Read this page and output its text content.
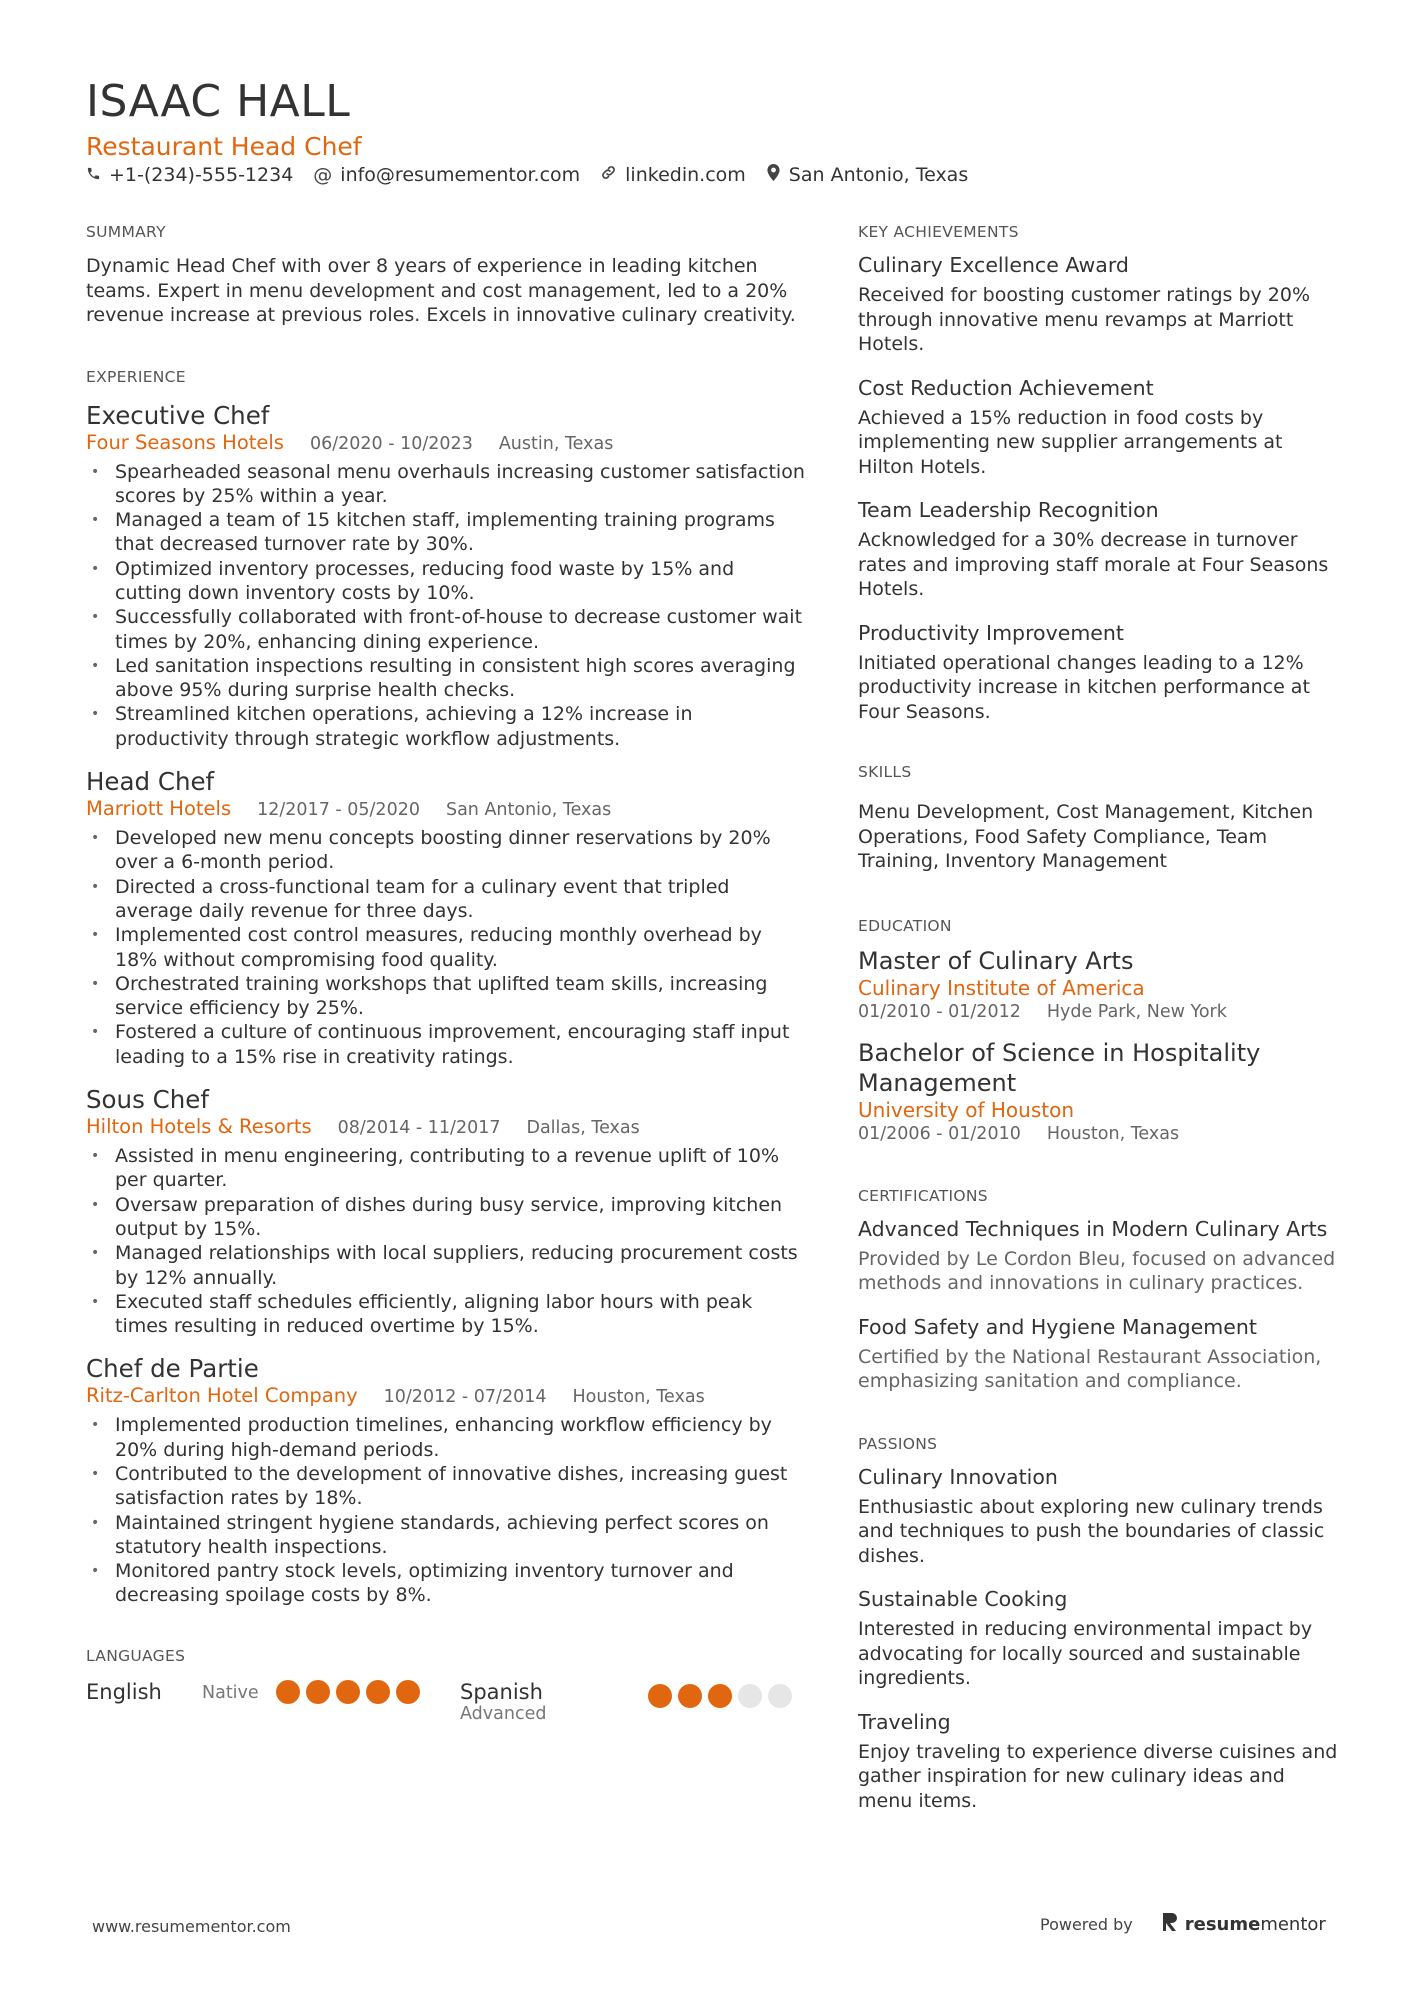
ISAAC HALL
Restaurant Head Chef
+1-(234)-555-1234 @ info@resumementor.com linkedin.com San Antonio, Texas
SUMMARY
Dynamic Head Chef with over 8 years of experience in leading kitchen teams. Expert in menu development and cost management, led to a 20% revenue increase at previous roles. Excels in innovative culinary creativity.
EXPERIENCE
Executive Chef
Four Seasons Hotels 06/2020 - 10/2023 Austin, Texas
• Spearheaded seasonal menu overhauls increasing customer satisfaction scores by 25% within a year.
• Managed a team of 15 kitchen staff, implementing training programs that decreased turnover rate by 30%.
• Optimized inventory processes, reducing food waste by 15% and cutting down inventory costs by 10%.
• Successfully collaborated with front-of-house to decrease customer wait times by 20%, enhancing dining experience.
• Led sanitation inspections resulting in consistent high scores averaging above 95% during surprise health checks.
• Streamlined kitchen operations, achieving a 12% increase in productivity through strategic workflow adjustments.
Head Chef
Marriott Hotels 12/2017 - 05/2020 San Antonio, Texas
• Developed new menu concepts boosting dinner reservations by 20% over a 6-month period.
• Directed a cross-functional team for a culinary event that tripled average daily revenue for three days.
• Implemented cost control measures, reducing monthly overhead by 18% without compromising food quality.
• Orchestrated training workshops that uplifted team skills, increasing service efficiency by 25%.
• Fostered a culture of continuous improvement, encouraging staff input leading to a 15% rise in creativity ratings.
Sous Chef
Hilton Hotels & Resorts 08/2014 - 11/2017 Dallas, Texas
• Assisted in menu engineering, contributing to a revenue uplift of 10% per quarter.
• Oversaw preparation of dishes during busy service, improving kitchen output by 15%.
• Managed relationships with local suppliers, reducing procurement costs by 12% annually.
• Executed staff schedules efficiently, aligning labor hours with peak times resulting in reduced overtime by 15%.
Chef de Partie
Ritz-Carlton Hotel Company 10/2012 - 07/2014 Houston, Texas
• Implemented production timelines, enhancing workflow efficiency by 20% during high-demand periods.
• Contributed to the development of innovative dishes, increasing guest satisfaction rates by 18%.
• Maintained stringent hygiene standards, achieving perfect scores on statutory health inspections.
• Monitored pantry stock levels, optimizing inventory turnover and decreasing spoilage costs by 8%.
LANGUAGES
English	Native	Spanish
Advanced
KEY ACHIEVEMENTS
Culinary Excellence Award
Received for boosting customer ratings by 20% through innovative menu revamps at Marriott Hotels.
Cost Reduction Achievement
Achieved a 15% reduction in food costs by implementing new supplier arrangements at Hilton Hotels.
Team Leadership Recognition
Acknowledged for a 30% decrease in turnover rates and improving staff morale at Four Seasons Hotels.
Productivity Improvement
Initiated operational changes leading to a 12% productivity increase in kitchen performance at Four Seasons.
SKILLS
Menu Development, Cost Management, Kitchen Operations, Food Safety Compliance, Team Training, Inventory Management
EDUCATION
Master of Culinary Arts
Culinary Institute of America
01/2010 - 01/2012 Hyde Park, New York
Bachelor of Science in Hospitality Management
University of Houston
01/2006 - 01/2010 Houston, Texas
CERTIFICATIONS
Advanced Techniques in Modern Culinary Arts
Provided by Le Cordon Bleu, focused on advanced methods and innovations in culinary practices.
Food Safety and Hygiene Management
Certified by the National Restaurant Association, emphasizing sanitation and compliance.
PASSIONS
Culinary Innovation
Enthusiastic about exploring new culinary trends and techniques to push the boundaries of classic dishes.
Sustainable Cooking
Interested in reducing environmental impact by advocating for locally sourced and sustainable ingredients.
Traveling
Enjoy traveling to experience diverse cuisines and gather inspiration for new culinary ideas and menu items.
www.resumementor.com	Powered by	resume mentor
